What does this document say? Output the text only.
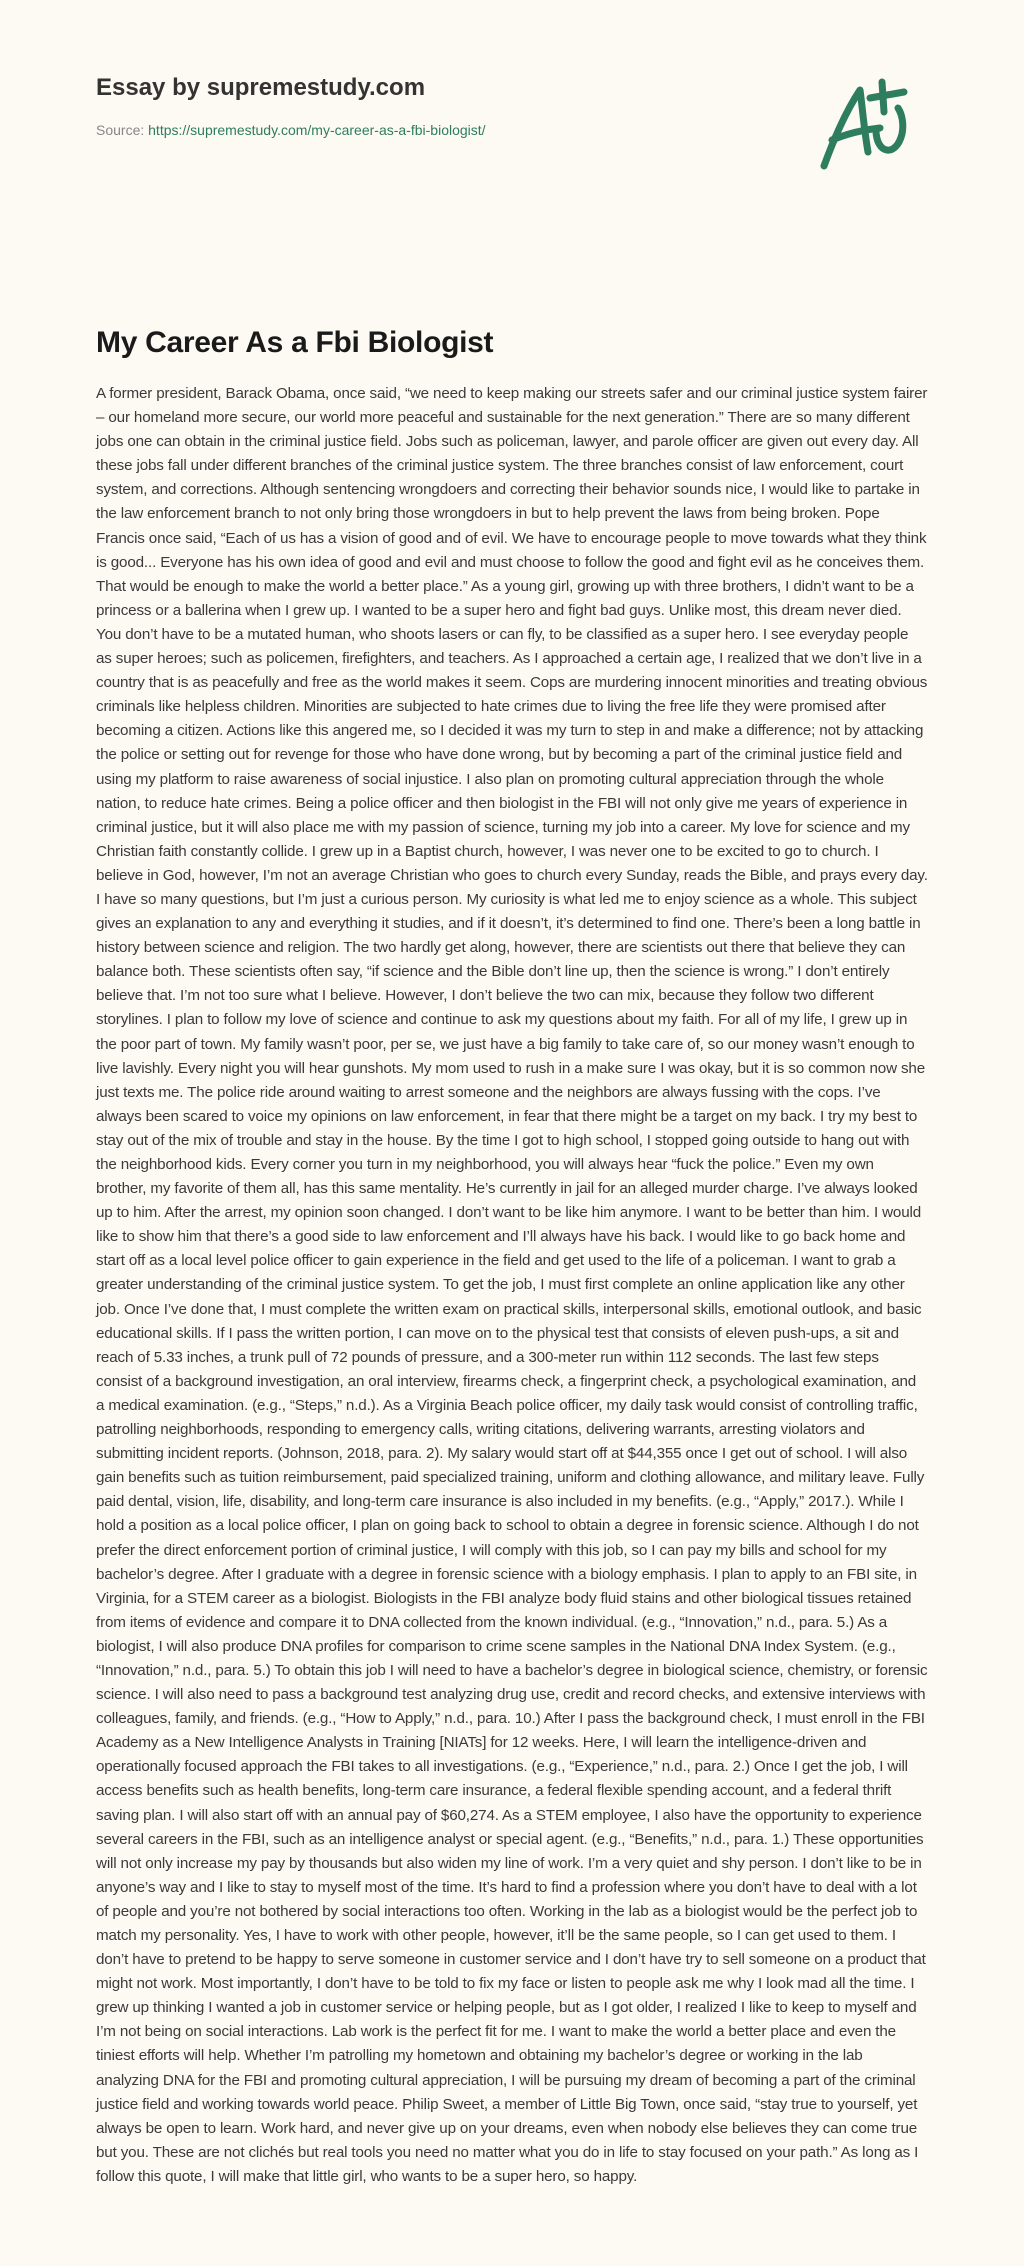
Essay by supremestudy.com
Source: https://supremestudy.com/my-career-as-a-fbi-biologist/
My Career As a Fbi Biologist

A former president, Barack Obama, once said, “we need to keep making our streets safer and our criminal justice system fairer – our homeland more secure, our world more peaceful and sustainable for the next generation.” There are so many different jobs one can obtain in the criminal justice field. Jobs such as policeman, lawyer, and parole officer are given out every day. All these jobs fall under different branches of the criminal justice system. The three branches consist of law enforcement, court system, and corrections. Although sentencing wrongdoers and correcting their behavior sounds nice, I would like to partake in the law enforcement branch to not only bring those wrongdoers in but to help prevent the laws from being broken. Pope Francis once said, “Each of us has a vision of good and of evil. We have to encourage people to move towards what they think is good... Everyone has his own idea of good and evil and must choose to follow the good and fight evil as he conceives them. That would be enough to make the world a better place.” As a young girl, growing up with three brothers, I didn’t want to be a princess or a ballerina when I grew up. I wanted to be a super hero and fight bad guys. Unlike most, this dream never died. You don’t have to be a mutated human, who shoots lasers or can fly, to be classified as a super hero. I see everyday people as super heroes; such as policemen, firefighters, and teachers. As I approached a certain age, I realized that we don’t live in a country that is as peacefully and free as the world makes it seem. Cops are murdering innocent minorities and treating obvious criminals like helpless children. Minorities are subjected to hate crimes due to living the free life they were promised after becoming a citizen. Actions like this angered me, so I decided it was my turn to step in and make a difference; not by attacking the police or setting out for revenge for those who have done wrong, but by becoming a part of the criminal justice field and using my platform to raise awareness of social injustice. I also plan on promoting cultural appreciation through the whole nation, to reduce hate crimes. Being a police officer and then biologist in the FBI will not only give me years of experience in criminal justice, but it will also place me with my passion of science, turning my job into a career. My love for science and my Christian faith constantly collide. I grew up in a Baptist church, however, I was never one to be excited to go to church. I believe in God, however, I’m not an average Christian who goes to church every Sunday, reads the Bible, and prays every day. I have so many questions, but I’m just a curious person. My curiosity is what led me to enjoy science as a whole. This subject gives an explanation to any and everything it studies, and if it doesn’t, it’s determined to find one. There’s been a long battle in history between science and religion. The two hardly get along, however, there are scientists out there that believe they can balance both. These scientists often say, “if science and the Bible don’t line up, then the science is wrong.” I don’t entirely believe that. I’m not too sure what I believe. However, I don’t believe the two can mix, because they follow two different storylines. I plan to follow my love of science and continue to ask my questions about my faith. For all of my life, I grew up in the poor part of town. My family wasn’t poor, per se, we just have a big family to take care of, so our money wasn’t enough to live lavishly. Every night you will hear gunshots. My mom used to rush in a make sure I was okay, but it is so common now she just texts me. The police ride around waiting to arrest someone and the neighbors are always fussing with the cops. I’ve always been scared to voice my opinions on law enforcement, in fear that there might be a target on my back. I try my best to stay out of the mix of trouble and stay in the house. By the time I got to high school, I stopped going outside to hang out with the neighborhood kids. Every corner you turn in my neighborhood, you will always hear “fuck the police.” Even my own brother, my favorite of them all, has this same mentality. He’s currently in jail for an alleged murder charge. I’ve always looked up to him. After the arrest, my opinion soon changed. I don’t want to be like him anymore. I want to be better than him. I would like to show him that there’s a good side to law enforcement and I’ll always have his back. I would like to go back home and start off as a local level police officer to gain experience in the field and get used to the life of a policeman. I want to grab a greater understanding of the criminal justice system. To get the job, I must first complete an online application like any other job. Once I’ve done that, I must complete the written exam on practical skills, interpersonal skills, emotional outlook, and basic educational skills. If I pass the written portion, I can move on to the physical test that consists of eleven push-ups, a sit and reach of 5.33 inches, a trunk pull of 72 pounds of pressure, and a 300-meter run within 112 seconds. The last few steps consist of a background investigation, an oral interview, firearms check, a fingerprint check, a psychological examination, and a medical examination. (e.g., “Steps,” n.d.). As a Virginia Beach police officer, my daily task would consist of controlling traffic, patrolling neighborhoods, responding to emergency calls, writing citations, delivering warrants, arresting violators and submitting incident reports. (Johnson, 2018, para. 2). My salary would start off at $44,355 once I get out of school. I will also gain benefits such as tuition reimbursement, paid specialized training, uniform and clothing allowance, and military leave. Fully paid dental, vision, life, disability, and long-term care insurance is also included in my benefits. (e.g., “Apply,” 2017.). While I hold a position as a local police officer, I plan on going back to school to obtain a degree in forensic science. Although I do not prefer the direct enforcement portion of criminal justice, I will comply with this job, so I can pay my bills and school for my bachelor’s degree. After I graduate with a degree in forensic science with a biology emphasis. I plan to apply to an FBI site, in Virginia, for a STEM career as a biologist. Biologists in the FBI analyze body fluid stains and other biological tissues retained from items of evidence and compare it to DNA collected from the known individual. (e.g., “Innovation,” n.d., para. 5.) As a biologist, I will also produce DNA profiles for comparison to crime scene samples in the National DNA Index System. (e.g., “Innovation,” n.d., para. 5.) To obtain this job I will need to have a bachelor’s degree in biological science, chemistry, or forensic science. I will also need to pass a background test analyzing drug use, credit and record checks, and extensive interviews with colleagues, family, and friends. (e.g., “How to Apply,” n.d., para. 10.) After I pass the background check, I must enroll in the FBI Academy as a New Intelligence Analysts in Training [NIATs] for 12 weeks. Here, I will learn the intelligence-driven and operationally focused approach the FBI takes to all investigations. (e.g., “Experience,” n.d., para. 2.) Once I get the job, I will access benefits such as health benefits, long-term care insurance, a federal flexible spending account, and a federal thrift saving plan. I will also start off with an annual pay of $60,274. As a STEM employee, I also have the opportunity to experience several careers in the FBI, such as an intelligence analyst or special agent. (e.g., “Benefits,” n.d., para. 1.) These opportunities will not only increase my pay by thousands but also widen my line of work. I’m a very quiet and shy person. I don’t like to be in anyone’s way and I like to stay to myself most of the time. It’s hard to find a profession where you don’t have to deal with a lot of people and you’re not bothered by social interactions too often. Working in the lab as a biologist would be the perfect job to match my personality. Yes, I have to work with other people, however, it’ll be the same people, so I can get used to them. I don’t have to pretend to be happy to serve someone in customer service and I don’t have try to sell someone on a product that might not work. Most importantly, I don’t have to be told to fix my face or listen to people ask me why I look mad all the time. I grew up thinking I wanted a job in customer service or helping people, but as I got older, I realized I like to keep to myself and I’m not being on social interactions. Lab work is the perfect fit for me. I want to make the world a better place and even the tiniest efforts will help. Whether I’m patrolling my hometown and obtaining my bachelor’s degree or working in the lab analyzing DNA for the FBI and promoting cultural appreciation, I will be pursuing my dream of becoming a part of the criminal justice field and working towards world peace. Philip Sweet, a member of Little Big Town, once said, “stay true to yourself, yet always be open to learn. Work hard, and never give up on your dreams, even when nobody else believes they can come true but you. These are not clichés but real tools you need no matter what you do in life to stay focused on your path.” As long as I follow this quote, I will make that little girl, who wants to be a super hero, so happy.
